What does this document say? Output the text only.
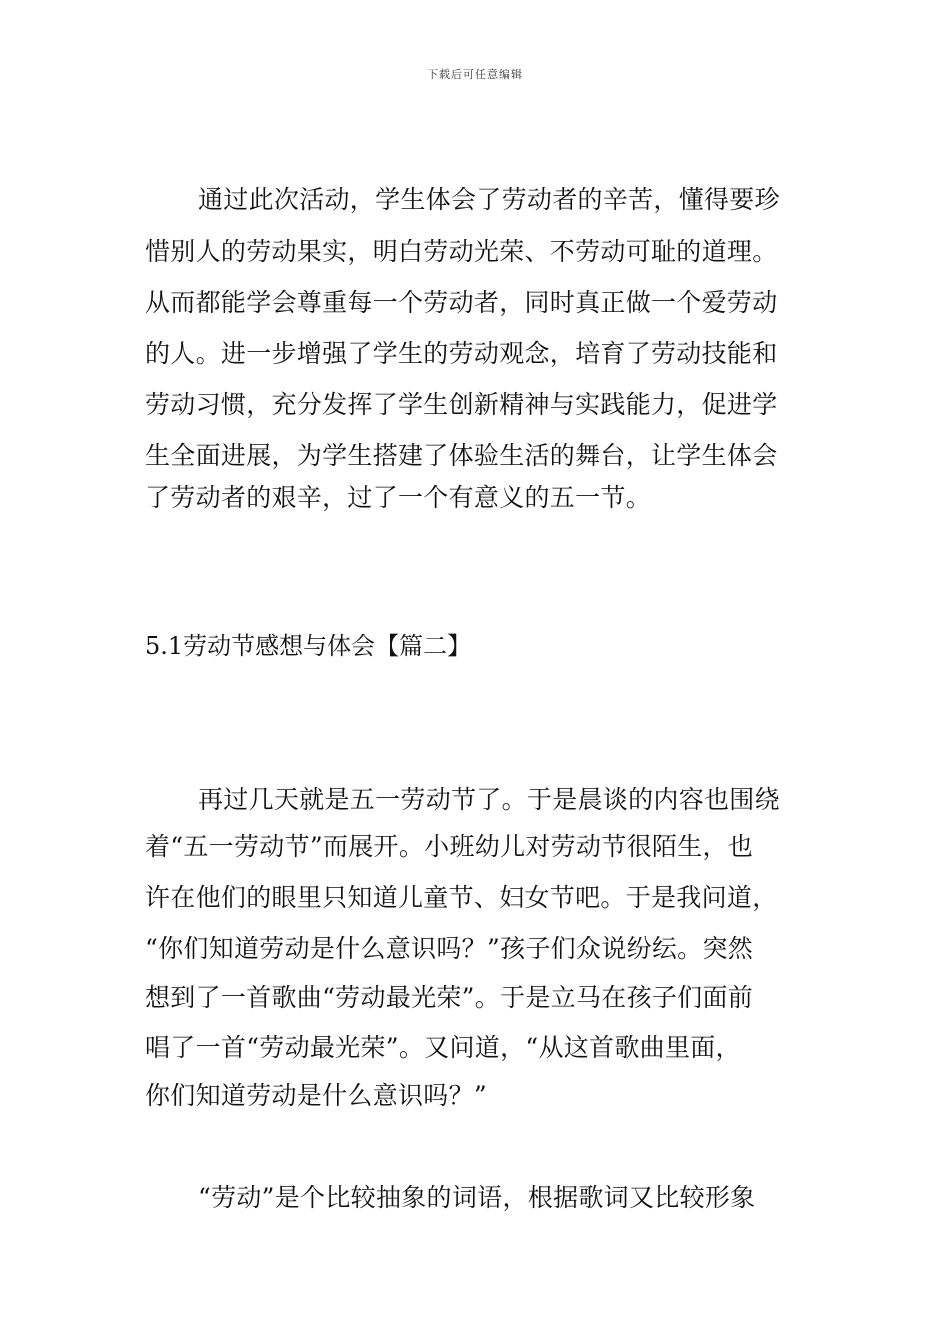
下载后可任意编辑
通过此次活动，学生体会了劳动者的辛苦，懂得要珍
惜别人的劳动果实，明白劳动光荣、不劳动可耻的道理。
从而都能学会尊重每一个劳动者，同时真正做一个爱劳动
的人。进一步增强了学生的劳动观念，培育了劳动技能和
劳动习惯，充分发挥了学生创新精神与实践能力，促进学
生全面进展，为学生搭建了体验生活的舞台，让学生体会
了劳动者的艰辛，过了一个有意义的五一节。
5.1劳动节感想与体会【篇二】
再过几天就是五一劳动节了。于是晨谈的内容也围绕
着“五一劳动节”而展开。小班幼儿对劳动节很陌生，也
许在他们的眼里只知道儿童节、妇女节吧。于是我问道，
“你们知道劳动是什么意识吗？”孩子们众说纷纭。突然
想到了一首歌曲“劳动最光荣”。于是立马在孩子们面前
唱了一首“劳动最光荣”。又问道，“从这首歌曲里面，
你们知道劳动是什么意识吗？”
“劳动”是个比较抽象的词语，根据歌词又比较形象
